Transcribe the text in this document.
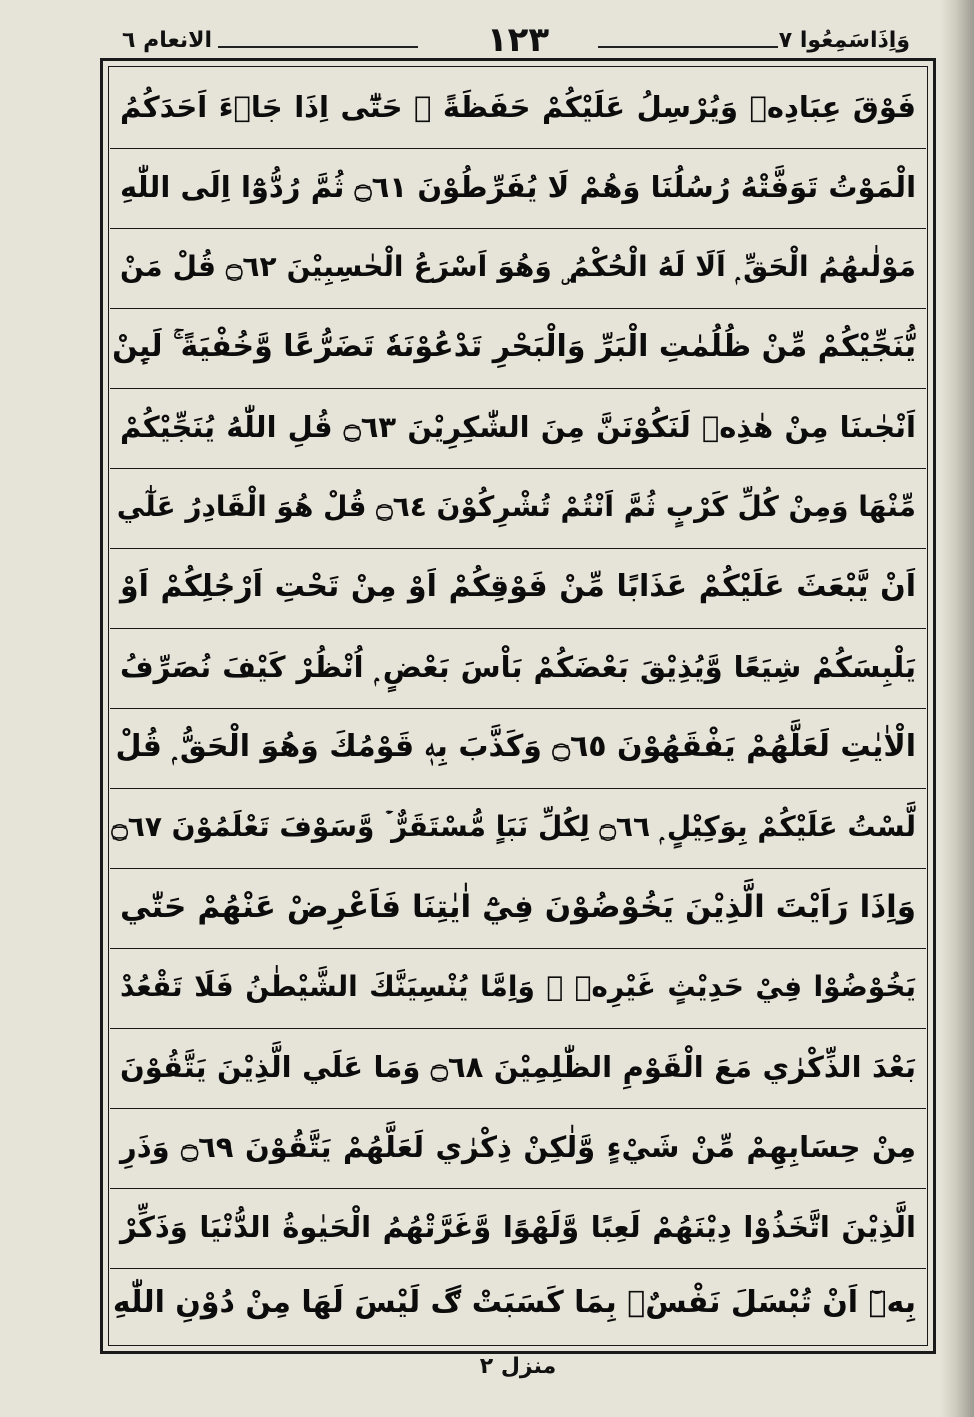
وَاِذَاسَمِعُوا ٧
١٢٣
الانعام ٦
فَوْقَ عِبَادِهٖ وَيُرْسِلُ عَلَيْكُمْ حَفَظَةً ۭ حَتّٰٓى اِذَا جَاۗءَ اَحَدَكُمُ
الْمَوْتُ تَوَفَّتْهُ رُسُلُنَا وَهُمْ لَا يُفَرِّطُوْنَ ۝٦١ ثُمَّ رُدُّوْٓا اِلَى اللّٰهِ
مَوْلٰىهُمُ الْحَقِّ ۭ اَلَا لَهُ الْحُكْمُ ۣ وَهُوَ اَسْرَعُ الْحٰسِبِيْنَ ۝٦٢ قُلْ مَنْ
يُّنَجِّيْكُمْ مِّنْ ظُلُمٰتِ الْبَرِّ وَالْبَحْرِ تَدْعُوْنَهٗ تَضَرُّعًا وَّخُفْيَةً ۚ لَىِٕنْ
اَنْجٰىنَا مِنْ هٰذِهٖ لَنَكُوْنَنَّ مِنَ الشّٰكِرِيْنَ ۝٦٣ قُلِ اللّٰهُ يُنَجِّيْكُمْ
مِّنْهَا وَمِنْ كُلِّ كَرْبٍ ثُمَّ اَنْتُمْ تُشْرِكُوْنَ ۝٦٤ قُلْ هُوَ الْقَادِرُ عَلٰٓي
اَنْ يَّبْعَثَ عَلَيْكُمْ عَذَابًا مِّنْ فَوْقِكُمْ اَوْ مِنْ تَحْتِ اَرْجُلِكُمْ اَوْ
يَلْبِسَكُمْ شِيَعًا وَّيُذِيْقَ بَعْضَكُمْ بَاْسَ بَعْضٍ ۭ اُنْظُرْ كَيْفَ نُصَرِّفُ
الْاٰيٰتِ لَعَلَّهُمْ يَفْقَهُوْنَ ۝٦٥ وَكَذَّبَ بِهٖ قَوْمُكَ وَهُوَ الْحَقُّ ۭ قُلْ
لَّسْتُ عَلَيْكُمْ بِوَكِيْلٍ ۭ ۝٦٦ لِكُلِّ نَبَاٍ مُّسْتَقَرٌّ ۡ وَّسَوْفَ تَعْلَمُوْنَ ۝٦٧
وَاِذَا رَاَيْتَ الَّذِيْنَ يَخُوْضُوْنَ فِيْٓ اٰيٰتِنَا فَاَعْرِضْ عَنْهُمْ حَتّٰي
يَخُوْضُوْا فِيْ حَدِيْثٍ غَيْرِهٖ ۭ وَاِمَّا يُنْسِيَنَّكَ الشَّيْطٰنُ فَلَا تَقْعُدْ
بَعْدَ الذِّكْرٰي مَعَ الْقَوْمِ الظّٰلِمِيْنَ ۝٦٨ وَمَا عَلَي الَّذِيْنَ يَتَّقُوْنَ
مِنْ حِسَابِهِمْ مِّنْ شَيْءٍ وَّلٰكِنْ ذِكْرٰي لَعَلَّهُمْ يَتَّقُوْنَ ۝٦٩ وَذَرِ
الَّذِيْنَ اتَّخَذُوْا دِيْنَهُمْ لَعِبًا وَّلَهْوًا وَّغَرَّتْهُمُ الْحَيٰوةُ الدُّنْيَا وَذَكِّرْ
بِهٖٓ اَنْ تُبْسَلَ نَفْسٌۢ بِمَا كَسَبَتْ ڰ لَيْسَ لَهَا مِنْ دُوْنِ اللّٰهِ
منزل ٢
